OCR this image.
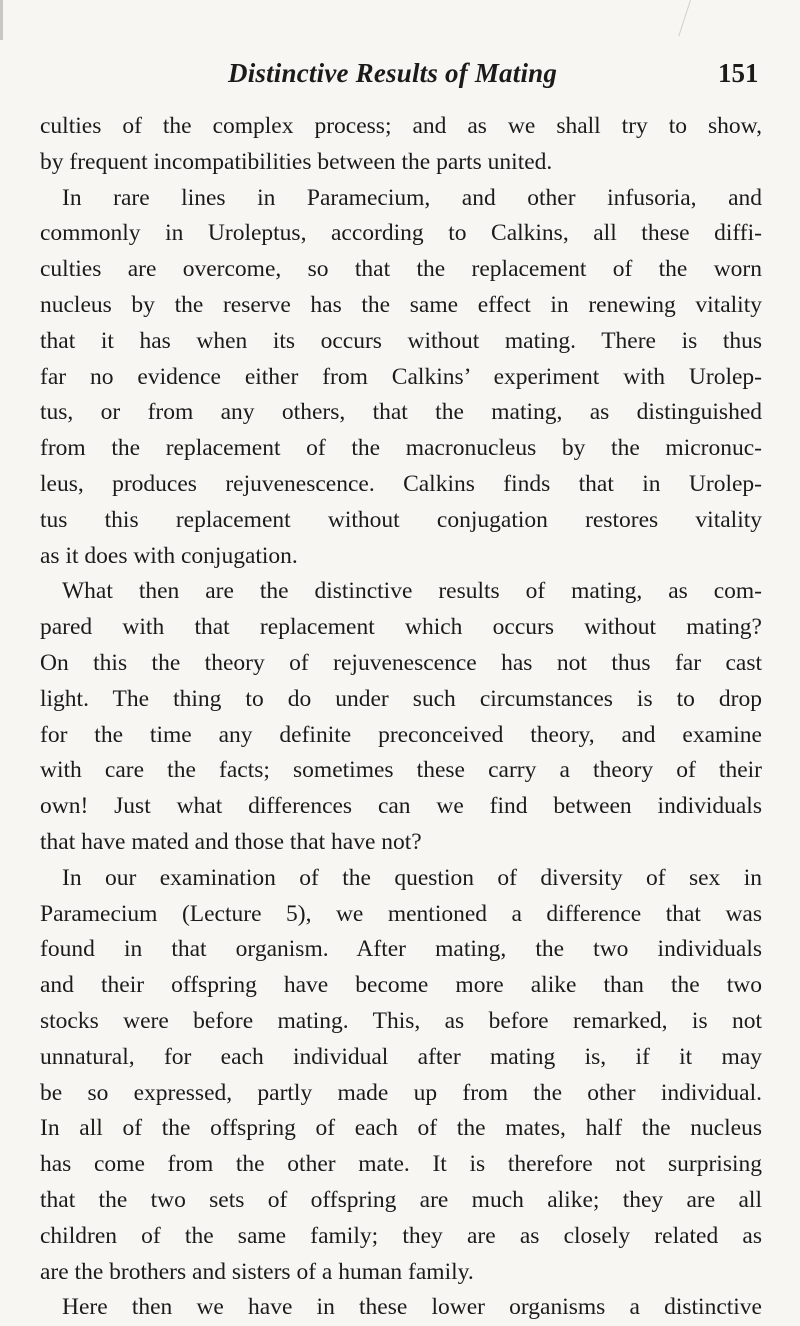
Distinctive Results of Mating	151
culties of the complex process; and as we shall try to show,
by frequent incompatibilities between the parts united.
In rare lines in Paramecium, and other infusoria, and
commonly in Uroleptus, according to Calkins, all these diffi-
culties are overcome, so that the replacement of the worn
nucleus by the reserve has the same effect in renewing vitality
that it has when its occurs without mating. There is thus
far no evidence either from Calkins’ experiment with Urolep-
tus, or from any others, that the mating, as distinguished
from the replacement of the macronucleus by the micronuc-
leus, produces rejuvenescence. Calkins finds that in Urolep-
tus this replacement without conjugation restores vitality
as it does with conjugation.
What then are the distinctive results of mating, as com-
pared with that replacement which occurs without mating?
On this the theory of rejuvenescence has not thus far cast
light. The thing to do under such circumstances is to drop
for the time any definite preconceived theory, and examine
with care the facts; sometimes these carry a theory of their
own! Just what differences can we find between individuals
that have mated and those that have not?
In our examination of the question of diversity of sex in
Paramecium (Lecture 5), we mentioned a difference that was
found in that organism. After mating, the two individuals
and their offspring have become more alike than the two
stocks were before mating. This, as before remarked, is not
unnatural, for each individual after mating is, if it may
be so expressed, partly made up from the other individual.
In all of the offspring of each of the mates, half the nucleus
has come from the other mate. It is therefore not surprising
that the two sets of offspring are much alike; they are all
children of the same family; they are as closely related as
are the brothers and sisters of a human family.
Here then we have in these lower organisms a distinctive
